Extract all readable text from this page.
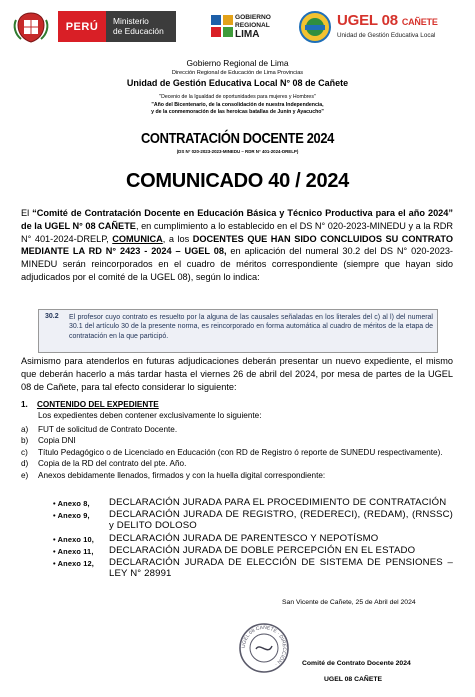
PERÚ	Ministerio
de Educación
GOBIERNO
REGIONAL
LIMA
UGEL 08 CAÑETE
Unidad de Gestión Educativa Local
Gobierno Regional de Lima
Dirección Regional de Educación de Lima Provincias
Unidad de Gestión Educativa Local N° 08 de Cañete
"Decenio de la Igualdad de oportunidades para mujeres y Hombres"
"Año del Bicentenario, de la consolidación de nuestra Independencia,
y de la conmemoración de las heroicas batallas de Junín y Ayacucho"
CONTRATACIÓN DOCENTE 2024
(DS N° 020-2023-2023-MINEDU – RDR N° 401-2024-DRELP)
COMUNICADO 40 / 2024
El “Comité de Contratación Docente en Educación Básica y Técnico Productiva para el año 2024” de la UGEL N° 08 CAÑETE, en cumplimiento a lo establecido en el DS N° 020-2023-MINEDU y a la RDR N° 401-2024-DRELP, COMUNICA, a los DOCENTES QUE HAN SIDO CONCLUIDOS SU CONTRATO MEDIANTE LA RD N° 2423 - 2024 – UGEL 08, en aplicación del numeral 30.2 del DS N° 020-2023-MINEDU serán reincorporados en el cuadro de méritos correspondiente (siempre que hayan sido adjudicados por el comité de la UGEL 08), según lo indica:
30.2 El profesor cuyo contrato es resuelto por la alguna de las causales señaladas en los literales del c) al l) del numeral 30.1 del artículo 30 de la presente norma, es reincorporado en forma automática al cuadro de méritos de la etapa de contratación en la que participó.
Asimismo para atenderlos en futuras adjudicaciones deberán presentar un nuevo expediente, el mismo que deberán hacerlo a más tardar hasta el viernes 26 de abril del 2024, por mesa de partes de la UGEL 08 de Cañete, para tal efecto considerar lo siguiente:
1. CONTENIDO DEL EXPEDIENTE
Los expedientes deben contener exclusivamente lo siguiente:
a) FUT de solicitud de Contrato Docente.
b) Copia DNI
c) Título Pedagógico o de Licenciado en Educación (con RD de Registro ó reporte de SUNEDU respectivamente).
d) Copia de la RD del contrato del pte. Año.
e) Anexos debidamente llenados, firmados y con la huella digital correspondiente:
• Anexo 8, DECLARACIÓN JURADA PARA EL PROCEDIMIENTO DE CONTRATACIÓN
• Anexo 9, DECLARACIÓN JURADA DE REGISTRO, (REDERECI), (REDAM), (RNSSC) y DELITO DOLOSO
• Anexo 10, DECLARACIÓN JURADA DE PARENTESCO Y NEPOTÍSMO
• Anexo 11, DECLARACIÓN JURADA DE DOBLE PERCEPCIÓN EN EL ESTADO
• Anexo 12, DECLARACIÓN JURADA DE ELECCIÓN DE SISTEMA DE PENSIONES – LEY N° 28991
San Vicente de Cañete, 25 de Abril del 2024
UGEL 08 CAÑETE · DIRECCIÓN ·	Comité de Contrato Docente 2024
UGEL 08 CAÑETE
